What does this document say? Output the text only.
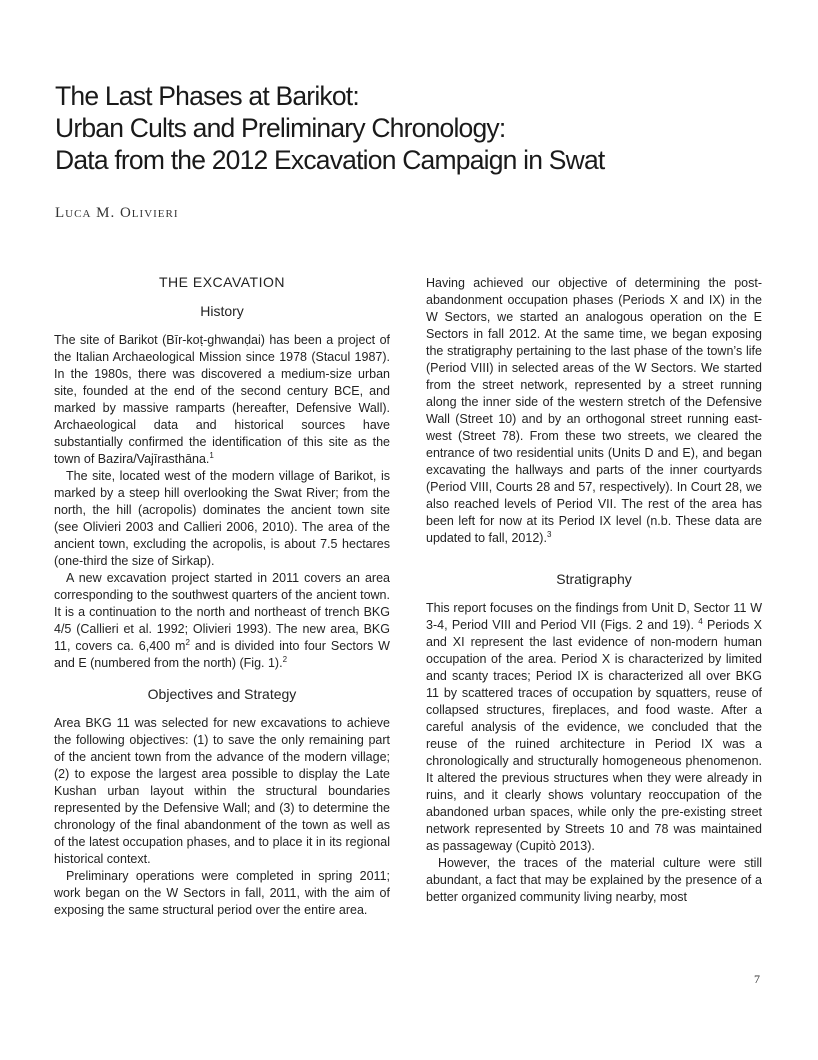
The Last Phases at Barikot:
Urban Cults and Preliminary Chronology:
Data from the 2012 Excavation Campaign in Swat
Luca M. Olivieri
THE EXCAVATION
History

The site of Barikot (Bīr-koṭ-ghwanḍai) has been a project of the Italian Archaeological Mission since 1978 (Stacul 1987). In the 1980s, there was discovered a medium-size urban site, founded at the end of the second century BCE, and marked by massive ramparts (hereafter, Defensive Wall). Archaeological data and historical sources have substantially confirmed the identification of this site as the town of Bazira/Vajīrasthāna.$^1$

The site, located west of the modern village of Barikot, is marked by a steep hill overlooking the Swat River; from the north, the hill (acropolis) dominates the ancient town site (see Olivieri 2003 and Callieri 2006, 2010). The area of the ancient town, excluding the acropolis, is about 7.5 hectares (one-third the size of Sirkap).

A new excavation project started in 2011 covers an area corresponding to the southwest quarters of the ancient town. It is a continuation to the north and northeast of trench BKG 4/5 (Callieri et al. 1992; Olivieri 1993). The new area, BKG 11, covers ca. 6,400 $m^2$ and is divided into four Sectors W and E (numbered from the north) (Fig. 1).$^2$

Objectives and Strategy

Area BKG 11 was selected for new excavations to achieve the following objectives: (1) to save the only remaining part of the ancient town from the advance of the modern village; (2) to expose the largest area possible to display the Late Kushan urban layout within the structural boundaries represented by the Defensive Wall; and (3) to determine the chronology of the final abandonment of the town as well as of the latest occupation phases, and to place it in its regional historical context.

Preliminary operations were completed in spring 2011; work began on the W Sectors in fall, 2011, with the aim of exposing the same structural period over the entire area.

Having achieved our objective of determining the post-abandonment occupation phases (Periods X and IX) in the W Sectors, we started an analogous operation on the E Sectors in fall 2012. At the same time, we began exposing the stratigraphy pertaining to the last phase of the town’s life (Period VIII) in selected areas of the W Sectors. We started from the street network, represented by a street running along the inner side of the western stretch of the Defensive Wall (Street 10) and by an orthogonal street running east-west (Street 78). From these two streets, we cleared the entrance of two residential units (Units D and E), and began excavating the hallways and parts of the inner courtyards (Period VIII, Courts 28 and 57, respectively). In Court 28, we also reached levels of Period VII. The rest of the area has been left for now at its Period IX level (n.b. These data are updated to fall, 2012).$^3$

Stratigraphy

This report focuses on the findings from Unit D, Sector 11 W 3-4, Period VIII and Period VII (Figs. 2 and 19). $^4$ Periods X and XI represent the last evidence of non-modern human occupation of the area. Period X is characterized by limited and scanty traces; Period IX is characterized all over BKG 11 by scattered traces of occupation by squatters, reuse of collapsed structures, fireplaces, and food waste. After a careful analysis of the evidence, we concluded that the reuse of the ruined architecture in Period IX was a chronologically and structurally homogeneous phenomenon. It altered the previous structures when they were already in ruins, and it clearly shows voluntary reoccupation of the abandoned urban spaces, while only the pre-existing street network represented by Streets 10 and 78 was maintained as passageway (Cupitò 2013).

However, the traces of the material culture were still abundant, a fact that may be explained by the presence of a better organized community living nearby, most

7
